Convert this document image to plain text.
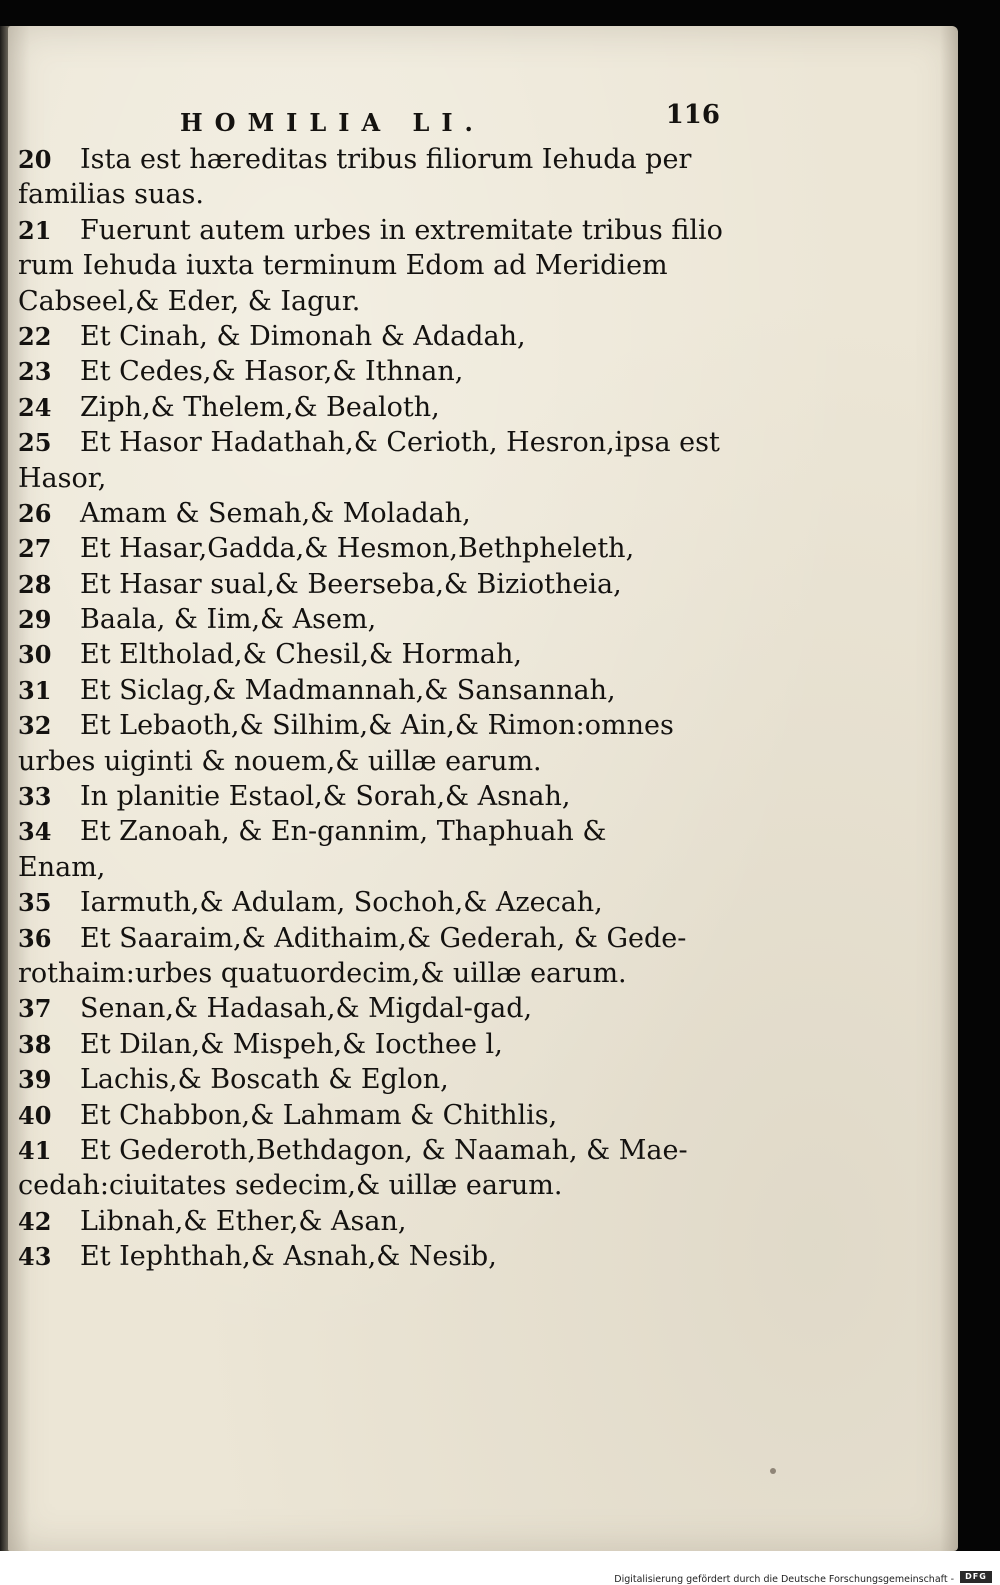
HOMILIA LI.	116
20 Ista est hæreditas tribus filiorum Iehuda per
familias suas.
21 Fuerunt autem urbes in extremitate tribus filio
rum Iehuda iuxta terminum Edom ad Meridiem
Cabseel,& Eder, & Iagur.
22 Et Cinah, & Dimonah & Adadah,
23 Et Cedes,& Hasor,& Ithnan,
24 Ziph,& Thelem,& Bealoth,
25 Et Hasor Hadathah,& Cerioth, Hesron,ipsa est
Hasor,
26 Amam & Semah,& Moladah,
27 Et Hasar,Gadda,& Hesmon,Bethpheleth,
28 Et Hasar sual,& Beerseba,& Biziotheia,
29 Baala, & Iim,& Asem,
30 Et Eltholad,& Chesil,& Hormah,
31 Et Siclag,& Madmannah,& Sansannah,
32 Et Lebaoth,& Silhim,& Ain,& Rimon:omnes
urbes uiginti & nouem,& uillæ earum.
33 In planitie Estaol,& Sorah,& Asnah,
34 Et Zanoah, & En-gannim, Thaphuah &
Enam,
35 Iarmuth,& Adulam, Sochoh,& Azecah,
36 Et Saaraim,& Adithaim,& Gederah, & Gede-
rothaim:urbes quatuordecim,& uillæ earum.
37 Senan,& Hadasah,& Migdal-gad,
38 Et Dilan,& Mispeh,& Iocthee l,
39 Lachis,& Boscath & Eglon,
40 Et Chabbon,& Lahmam & Chithlis,
41 Et Gederoth,Bethdagon, & Naamah, & Mae-
cedah:ciuitates sedecim,& uillæ earum.
42 Libnah,& Ether,& Asan,
43 Et Iephthah,& Asnah,& Nesib,
Digitalisierung gefördert durch die Deutsche Forschungsgemeinschaft -	DFG
